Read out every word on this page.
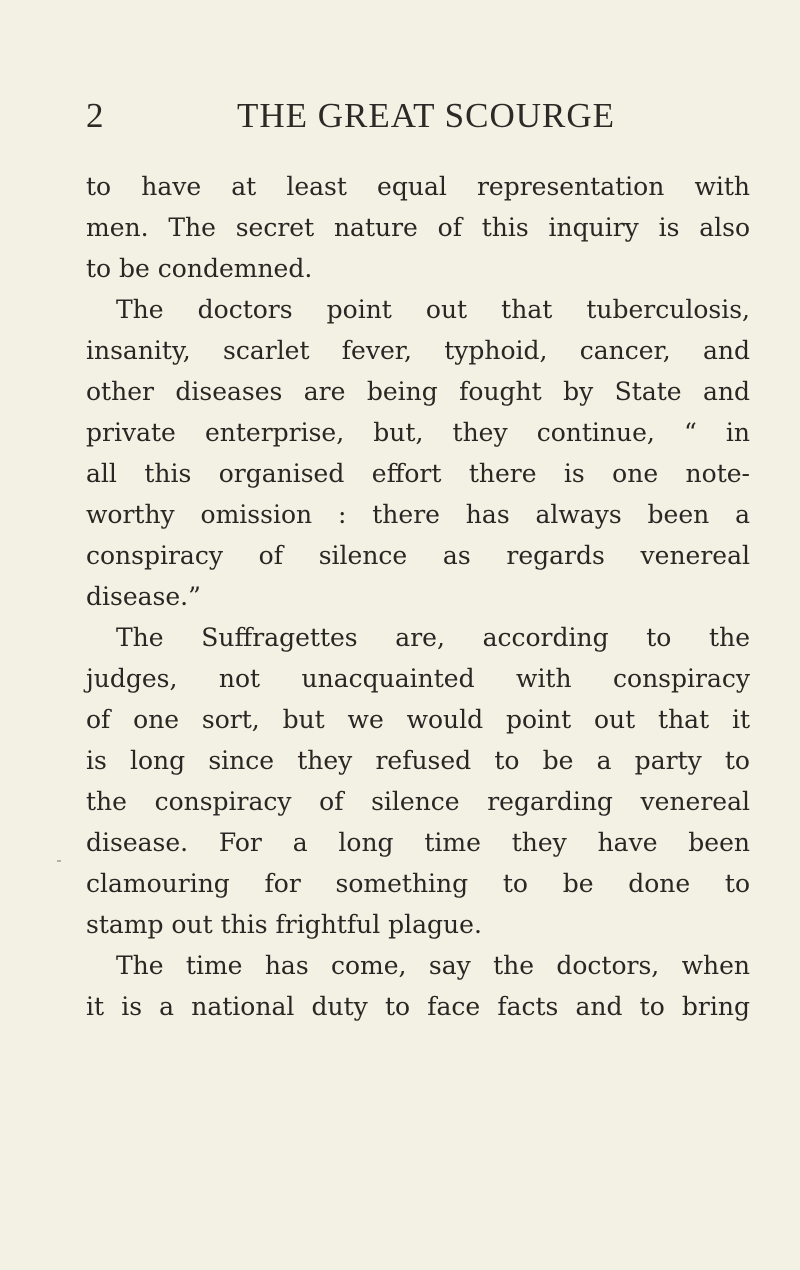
2	THE GREAT SCOURGE
to have at least equal representation with
men. The secret nature of this inquiry is also
to be condemned.
The doctors point out that tuberculosis,
insanity, scarlet fever, typhoid, cancer, and
other diseases are being fought by State and
private enterprise, but, they continue, “ in
all this organised effort there is one note-
worthy omission : there has always been a
conspiracy of silence as regards venereal
disease.”
The Suffragettes are, according to the
judges, not unacquainted with conspiracy
of one sort, but we would point out that it
is long since they refused to be a party to
the conspiracy of silence regarding venereal
disease. For a long time they have been
clamouring for something to be done to
stamp out this frightful plague.
The time has come, say the doctors, when
it is a national duty to face facts and to bring
